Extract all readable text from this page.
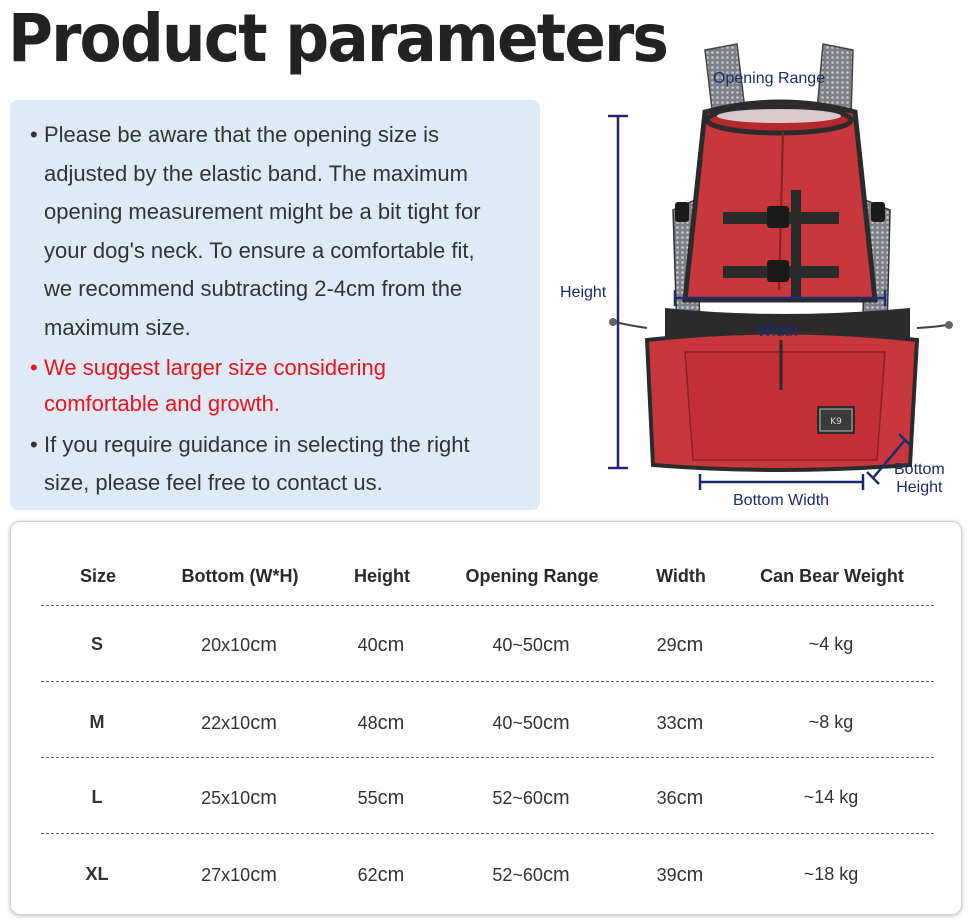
Product parameters
• Please be aware that the opening size is
adjusted by the elastic band. The maximum
opening measurement might be a bit tight for
your dog's neck. To ensure a comfortable fit,
we recommend subtracting 2-4cm from the
maximum size.
• We suggest larger size considering
comfortable and growth.
• If you require guidance in selecting the right
size, please feel free to contact us.
K9
Opening Range
Height
Width
Bottom Width
Bottom
Height
Size	Bottom (W*H)	Height	Opening Range	Width	Can Bear Weight
S	20x10cm	40cm	40~50cm	29cm	~4 kg
M	22x10cm	48cm	40~50cm	33cm	~8 kg
L	25x10cm	55cm	52~60cm	36cm	~14 kg
XL	27x10cm	62cm	52~60cm	39cm	~18 kg
